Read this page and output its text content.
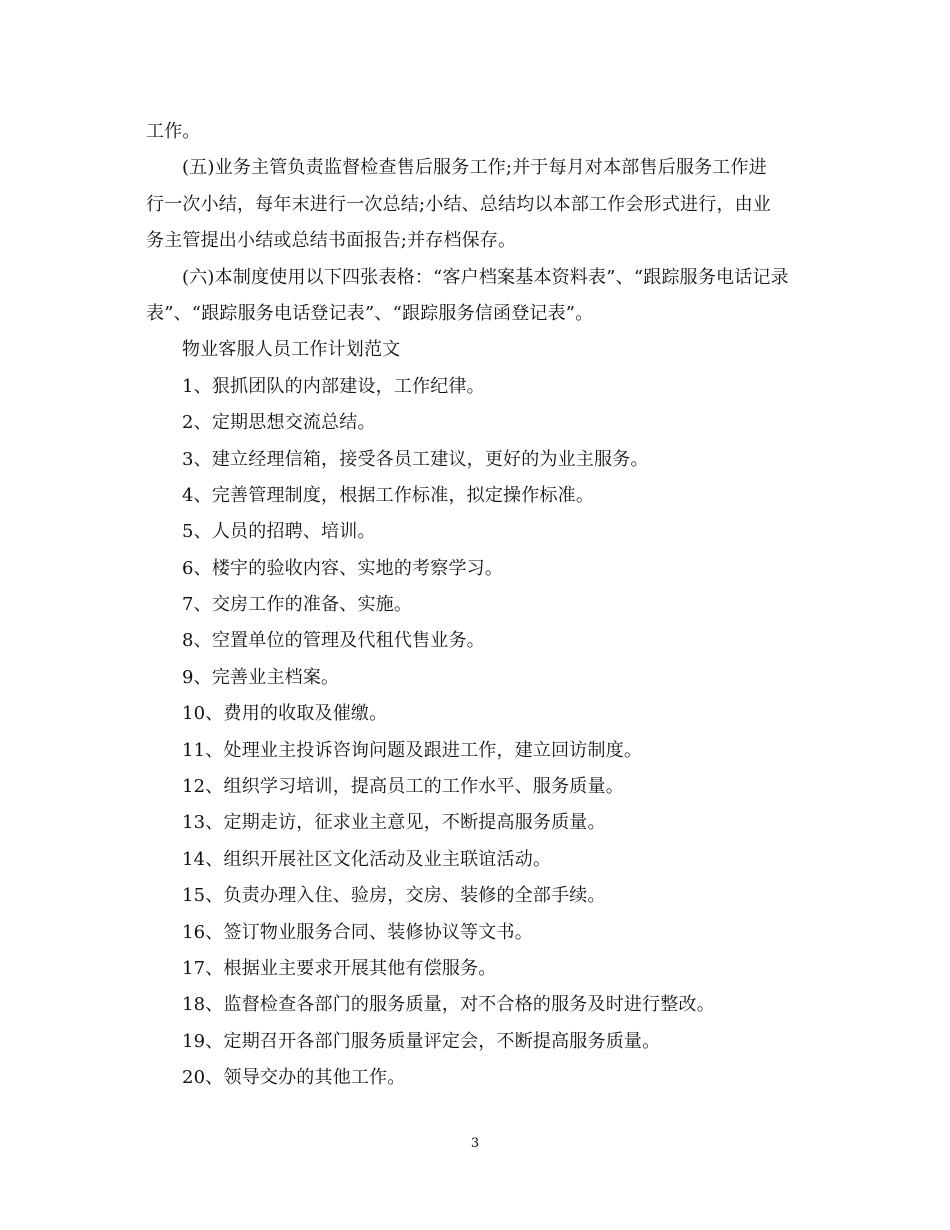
工作。
(五)业务主管负责监督检查售后服务工作;并于每月对本部售后服务工作进
行一次小结，每年末进行一次总结;小结、总结均以本部工作会形式进行，由业
务主管提出小结或总结书面报告;并存档保存。
(六)本制度使用以下四张表格：“客户档案基本资料表”、“跟踪服务电话记录
表”、“跟踪服务电话登记表”、“跟踪服务信函登记表”。
物业客服人员工作计划范文
1、狠抓团队的内部建设，工作纪律。
2、定期思想交流总结。
3、建立经理信箱，接受各员工建议，更好的为业主服务。
4、完善管理制度，根据工作标准，拟定操作标准。
5、人员的招聘、培训。
6、楼宇的验收内容、实地的考察学习。
7、交房工作的准备、实施。
8、空置单位的管理及代租代售业务。
9、完善业主档案。
10、费用的收取及催缴。
11、处理业主投诉咨询问题及跟进工作，建立回访制度。
12、组织学习培训，提高员工的工作水平、服务质量。
13、定期走访，征求业主意见，不断提高服务质量。
14、组织开展社区文化活动及业主联谊活动。
15、负责办理入住、验房，交房、装修的全部手续。
16、签订物业服务合同、装修协议等文书。
17、根据业主要求开展其他有偿服务。
18、监督检查各部门的服务质量，对不合格的服务及时进行整改。
19、定期召开各部门服务质量评定会，不断提高服务质量。
20、领导交办的其他工作。
3
